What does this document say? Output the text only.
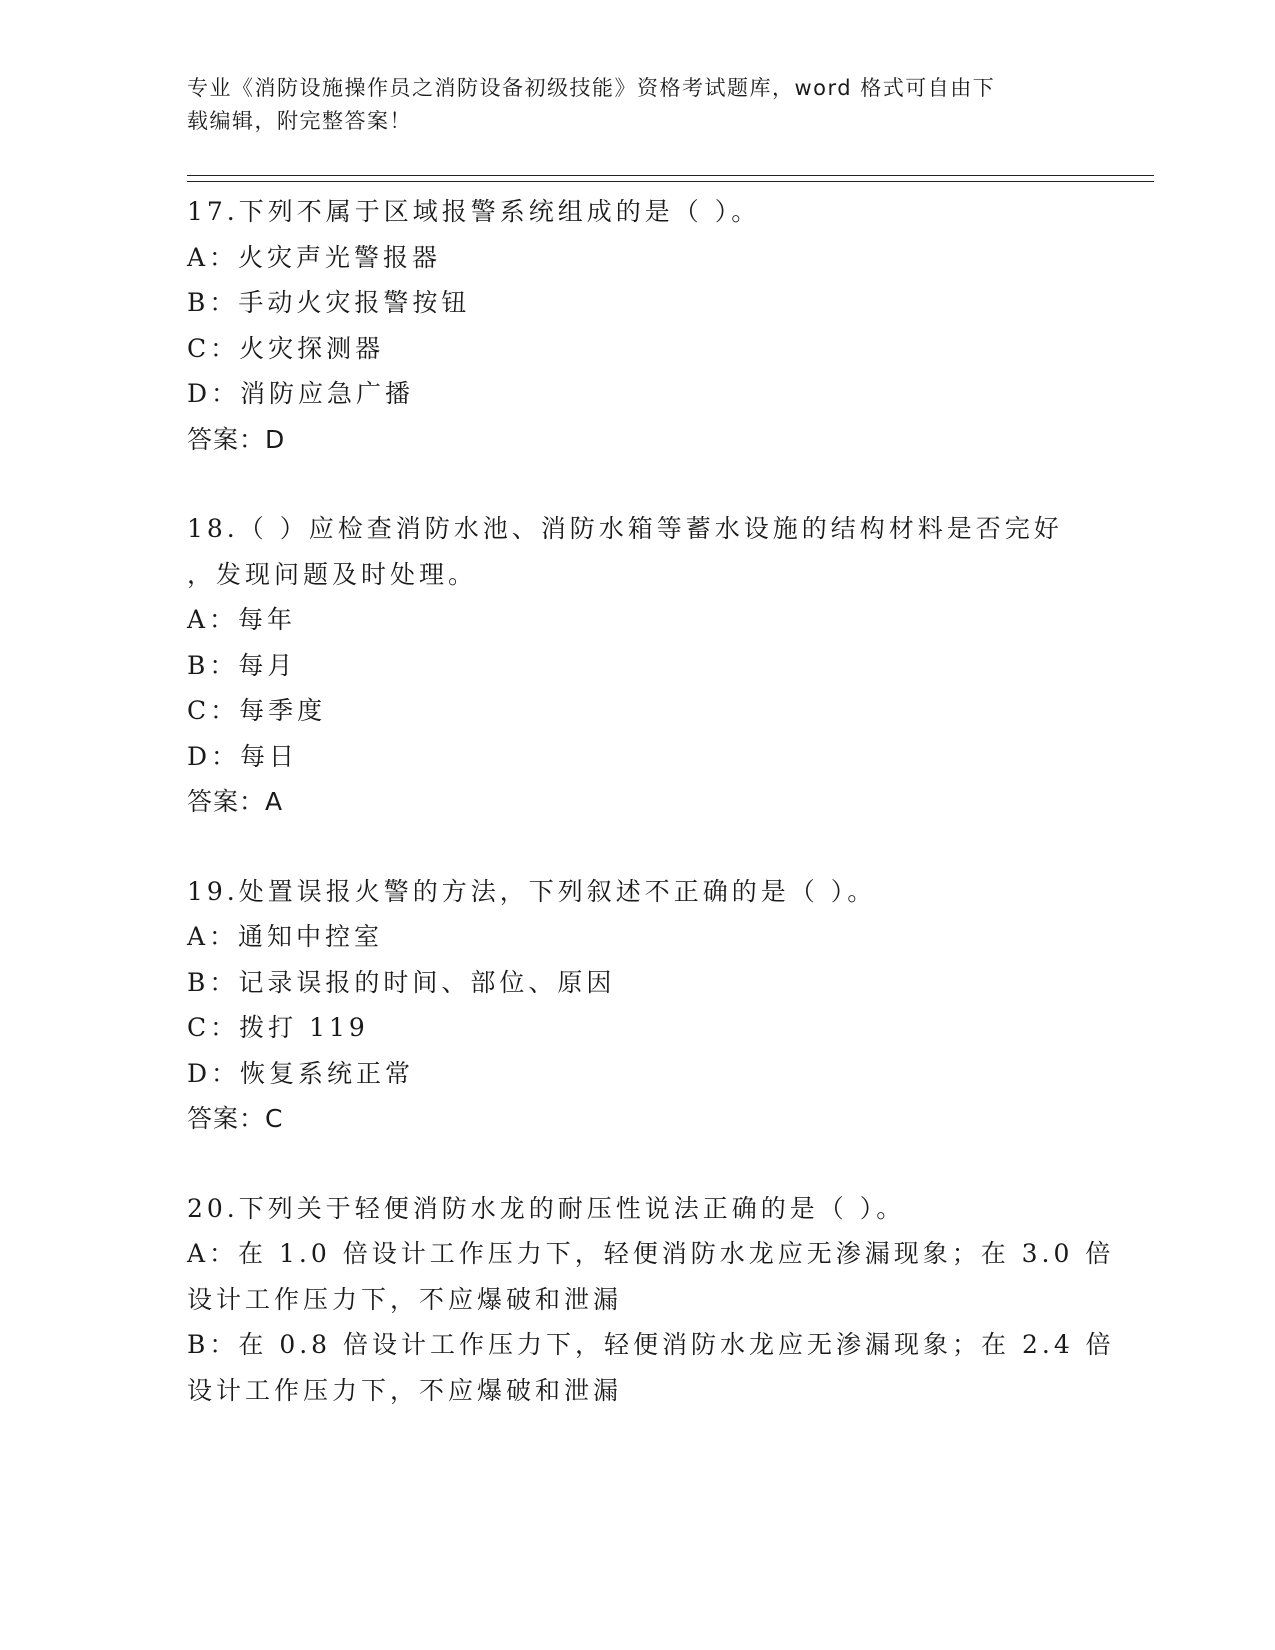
专业《消防设施操作员之消防设备初级技能》资格考试题库，word 格式可自由下
载编辑，附完整答案！
17.下列不属于区域报警系统组成的是（ ）。
A：火灾声光警报器
B：手动火灾报警按钮
C：火灾探测器
D：消防应急广播
答案：D
18.（ ）应检查消防水池、消防水箱等蓄水设施的结构材料是否完好
，发现问题及时处理。
A：每年
B：每月
C：每季度
D：每日
答案：A
19.处置误报火警的方法，下列叙述不正确的是（ ）。
A：通知中控室
B：记录误报的时间、部位、原因
C：拨打 119
D：恢复系统正常
答案：C
20.下列关于轻便消防水龙的耐压性说法正确的是（ ）。
A：在 1.0 倍设计工作压力下，轻便消防水龙应无渗漏现象；在 3.0 倍
设计工作压力下，不应爆破和泄漏
B：在 0.8 倍设计工作压力下，轻便消防水龙应无渗漏现象；在 2.4 倍
设计工作压力下，不应爆破和泄漏
